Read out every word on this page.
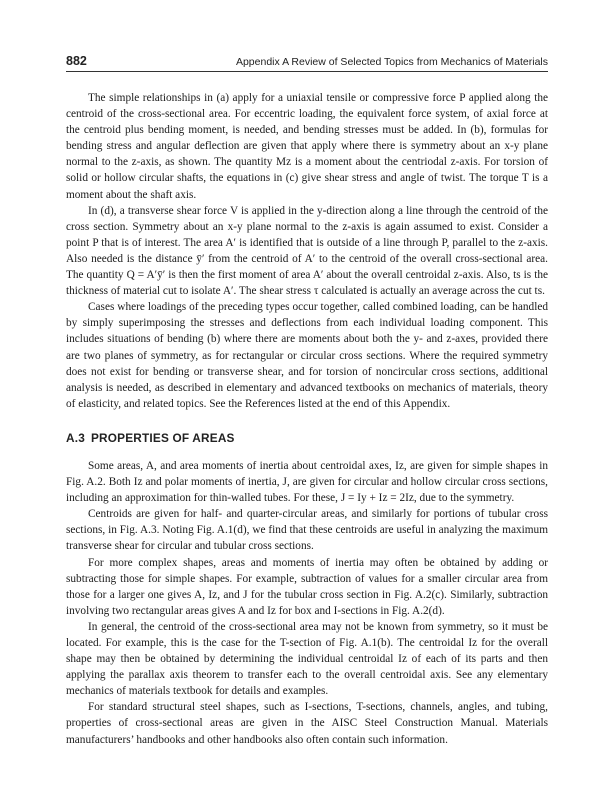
882	Appendix A Review of Selected Topics from Mechanics of Materials

The simple relationships in (a) apply for a uniaxial tensile or compressive force P applied along the centroid of the cross-sectional area. For eccentric loading, the equivalent force system, of axial force at the centroid plus bending moment, is needed, and bending stresses must be added. In (b), formulas for bending stress and angular deflection are given that apply where there is symmetry about an x-y plane normal to the z-axis, as shown. The quantity Mz is a moment about the centriodal z-axis. For torsion of solid or hollow circular shafts, the equations in (c) give shear stress and angle of twist. The torque T is a moment about the shaft axis.

In (d), a transverse shear force V is applied in the y-direction along a line through the centroid of the cross section. Symmetry about an x-y plane normal to the z-axis is again assumed to exist. Consider a point P that is of interest. The area A′ is identified that is outside of a line through P, parallel to the z-axis. Also needed is the distance ȳ′ from the centroid of A′ to the centroid of the overall cross-sectional area. The quantity Q = A′ȳ′ is then the first moment of area A′ about the overall centroidal z-axis. Also, ts is the thickness of material cut to isolate A′. The shear stress τ calculated is actually an average across the cut ts.

Cases where loadings of the preceding types occur together, called combined loading, can be handled by simply superimposing the stresses and deflections from each individual loading component. This includes situations of bending (b) where there are moments about both the y- and z-axes, provided there are two planes of symmetry, as for rectangular or circular cross sections. Where the required symmetry does not exist for bending or transverse shear, and for torsion of noncircular cross sections, additional analysis is needed, as described in elementary and advanced textbooks on mechanics of materials, theory of elasticity, and related topics. See the References listed at the end of this Appendix.

A.3 PROPERTIES OF AREAS

Some areas, A, and area moments of inertia about centroidal axes, Iz, are given for simple shapes in Fig. A.2. Both Iz and polar moments of inertia, J, are given for circular and hollow circular cross sections, including an approximation for thin-walled tubes. For these, J = Iy + Iz = 2Iz, due to the symmetry.

Centroids are given for half- and quarter-circular areas, and similarly for portions of tubular cross sections, in Fig. A.3. Noting Fig. A.1(d), we find that these centroids are useful in analyzing the maximum transverse shear for circular and tubular cross sections.

For more complex shapes, areas and moments of inertia may often be obtained by adding or subtracting those for simple shapes. For example, subtraction of values for a smaller circular area from those for a larger one gives A, Iz, and J for the tubular cross section in Fig. A.2(c). Similarly, subtraction involving two rectangular areas gives A and Iz for box and I-sections in Fig. A.2(d).

In general, the centroid of the cross-sectional area may not be known from symmetry, so it must be located. For example, this is the case for the T-section of Fig. A.1(b). The centroidal Iz for the overall shape may then be obtained by determining the individual centroidal Iz of each of its parts and then applying the parallax axis theorem to transfer each to the overall centroidal axis. See any elementary mechanics of materials textbook for details and examples.

For standard structural steel shapes, such as I-sections, T-sections, channels, angles, and tubing, properties of cross-sectional areas are given in the AISC Steel Construction Manual. Materials manufacturers’ handbooks and other handbooks also often contain such information.
